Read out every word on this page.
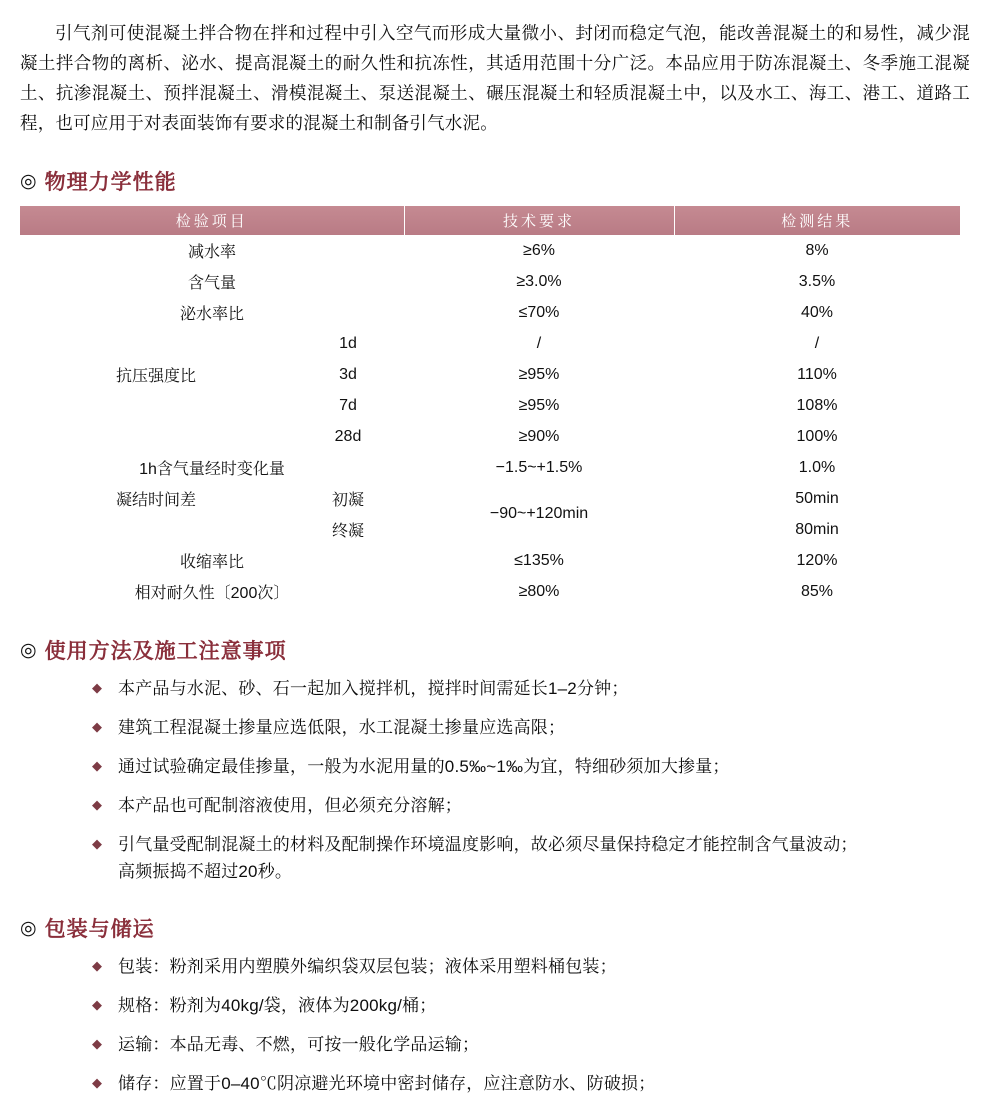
引气剂可使混凝土拌合物在拌和过程中引入空气而形成大量微小、封闭而稳定气泡，能改善混凝土的和易性，减少混凝土拌合物的离析、泌水、提高混凝土的耐久性和抗冻性，其适用范围十分广泛。本品应用于防冻混凝土、冬季施工混凝土、抗渗混凝土、预拌混凝土、滑模混凝土、泵送混凝土、碾压混凝土和轻质混凝土中，以及水工、海工、港工、道路工程，也可应用于对表面装饰有要求的混凝土和制备引气水泥。

◎ 物理力学性能
检验项目	技术要求	检测结果
减水率	≥6%	8%
含气量	≥3.0%	3.5%
泌水率比	≤70%	40%

1d	/	/

抗压强度比 3d	≥95%	110%

7d	≥95%	108%

28d	≥90%	100%
1h含气量经时变化量	−1.5~+1.5%	1.0%

凝结时间差 初凝	−90~+120min	50min

终凝		80min
收缩率比	≤135%	120%
相对耐久性〔200次〕	≥80%	85%
◎ 使用方法及施工注意事项
◆ 本产品与水泥、砂、石一起加入搅拌机，搅拌时间需延长1–2分钟；
◆ 建筑工程混凝土掺量应选低限，水工混凝土掺量应选高限；
◆ 通过试验确定最佳掺量，一般为水泥用量的0.5‰~1‰为宜，特细砂须加大掺量；
◆ 本产品也可配制溶液使用，但必须充分溶解；
◆ 引气量受配制混凝土的材料及配制操作环境温度影响，故必须尽量保持稳定才能控制含气量波动；
高频振捣不超过20秒。
◎ 包装与储运
◆ 包装：粉剂采用内塑膜外编织袋双层包装；液体采用塑料桶包装；
◆ 规格：粉剂为40kg/袋，液体为200kg/桶；
◆ 运输：本品无毒、不燃，可按一般化学品运输；
◆ 储存：应置于0–40℃阴凉避光环境中密封储存，应注意防水、防破损；
